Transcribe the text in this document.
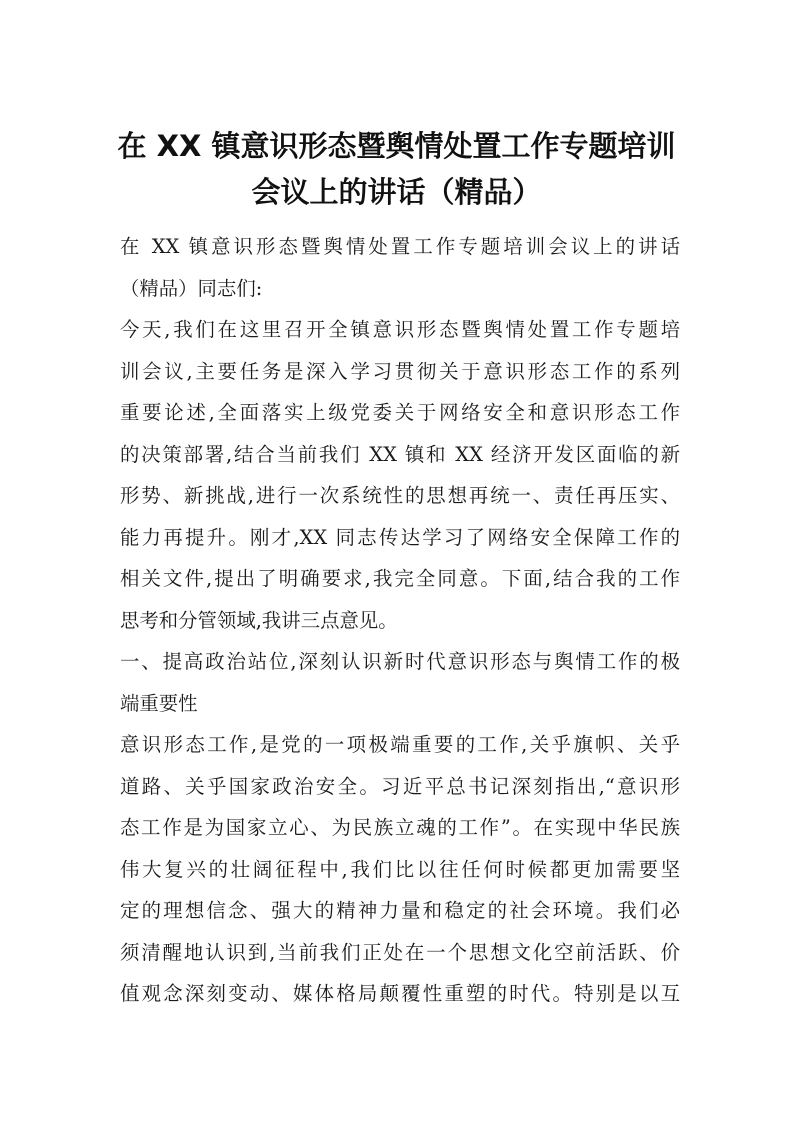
在 XX 镇意识形态暨舆情处置工作专题培训
会议上的讲话（精品）
在 XX 镇意识形态暨舆情处置工作专题培训会议上的讲话
（精品）同志们:
今天,我们在这里召开全镇意识形态暨舆情处置工作专题培
训会议,主要任务是深入学习贯彻关于意识形态工作的系列
重要论述,全面落实上级党委关于网络安全和意识形态工作
的决策部署,结合当前我们 XX 镇和 XX 经济开发区面临的新
形势、新挑战,进行一次系统性的思想再统一、责任再压实、
能力再提升。刚才,XX 同志传达学习了网络安全保障工作的
相关文件,提出了明确要求,我完全同意。下面,结合我的工作
思考和分管领域,我讲三点意见。
一、提高政治站位,深刻认识新时代意识形态与舆情工作的极
端重要性
意识形态工作,是党的一项极端重要的工作,关乎旗帜、关乎
道路、关乎国家政治安全。习近平总书记深刻指出,“意识形
态工作是为国家立心、为民族立魂的工作”。在实现中华民族
伟大复兴的壮阔征程中,我们比以往任何时候都更加需要坚
定的理想信念、强大的精神力量和稳定的社会环境。我们必
须清醒地认识到,当前我们正处在一个思想文化空前活跃、价
值观念深刻变动、媒体格局颠覆性重塑的时代。特别是以互
